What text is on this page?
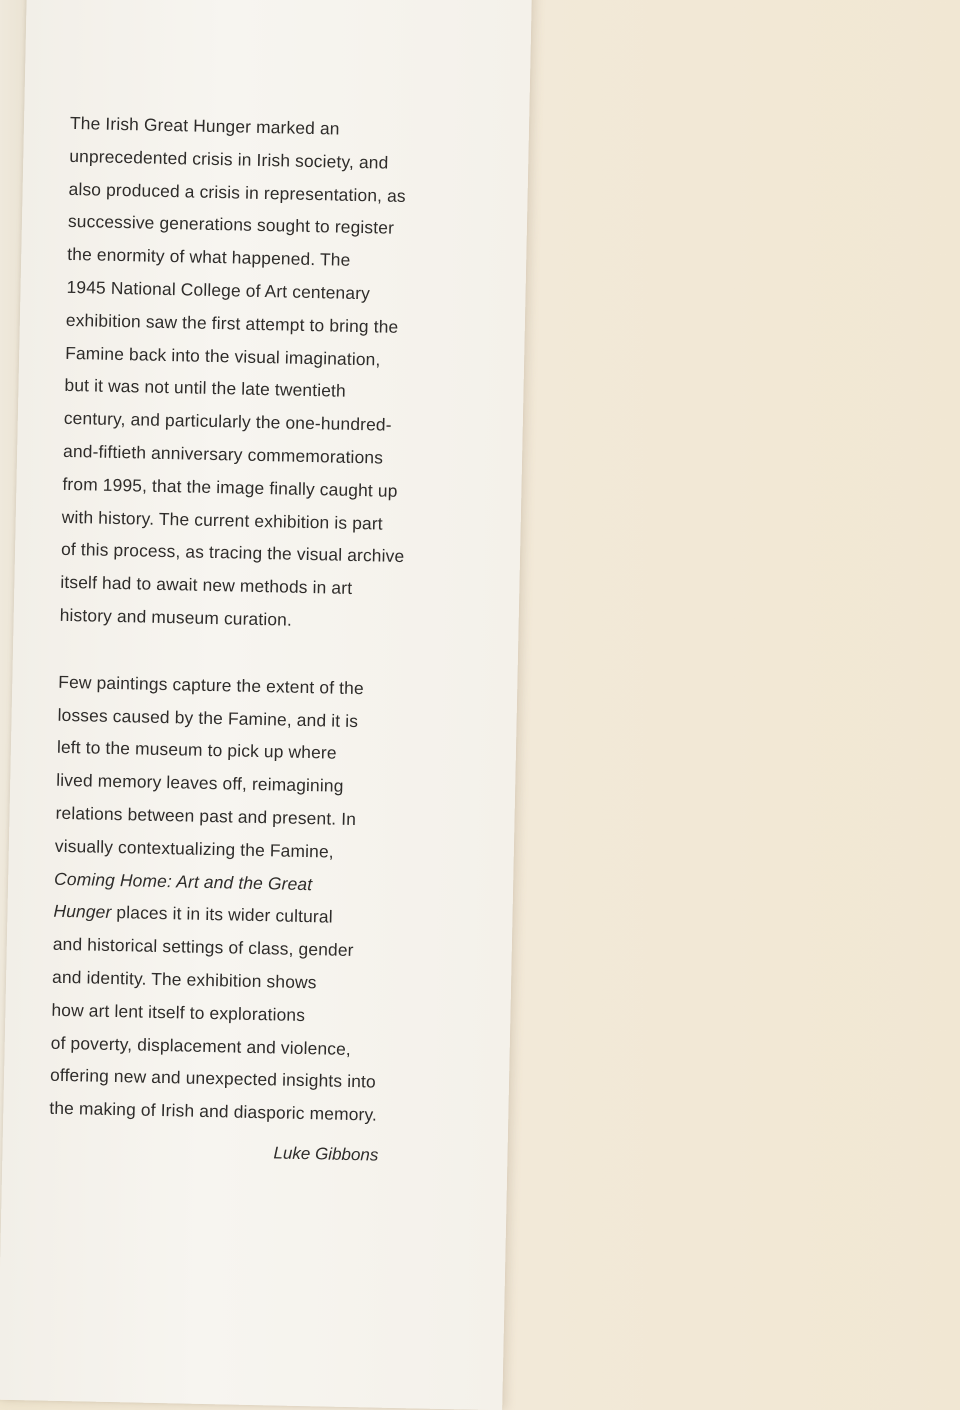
The Irish Great Hunger marked an
unprecedented crisis in Irish society, and
also produced a crisis in representation, as
successive generations sought to register
the enormity of what happened. The
1945 National College of Art centenary
exhibition saw the first attempt to bring the
Famine back into the visual imagination,
but it was not until the late twentieth
century, and particularly the one-hundred-
and-fiftieth anniversary commemorations
from 1995, that the image finally caught up
with history. The current exhibition is part
of this process, as tracing the visual archive
itself had to await new methods in art
history and museum curation.
Few paintings capture the extent of the
losses caused by the Famine, and it is
left to the museum to pick up where
lived memory leaves off, reimagining
relations between past and present. In
visually contextualizing the Famine,
Coming Home: Art and the Great
Hunger places it in its wider cultural
and historical settings of class, gender
and identity. The exhibition shows
how art lent itself to explorations
of poverty, displacement and violence,
offering new and unexpected insights into
the making of Irish and diasporic memory.
Luke Gibbons
